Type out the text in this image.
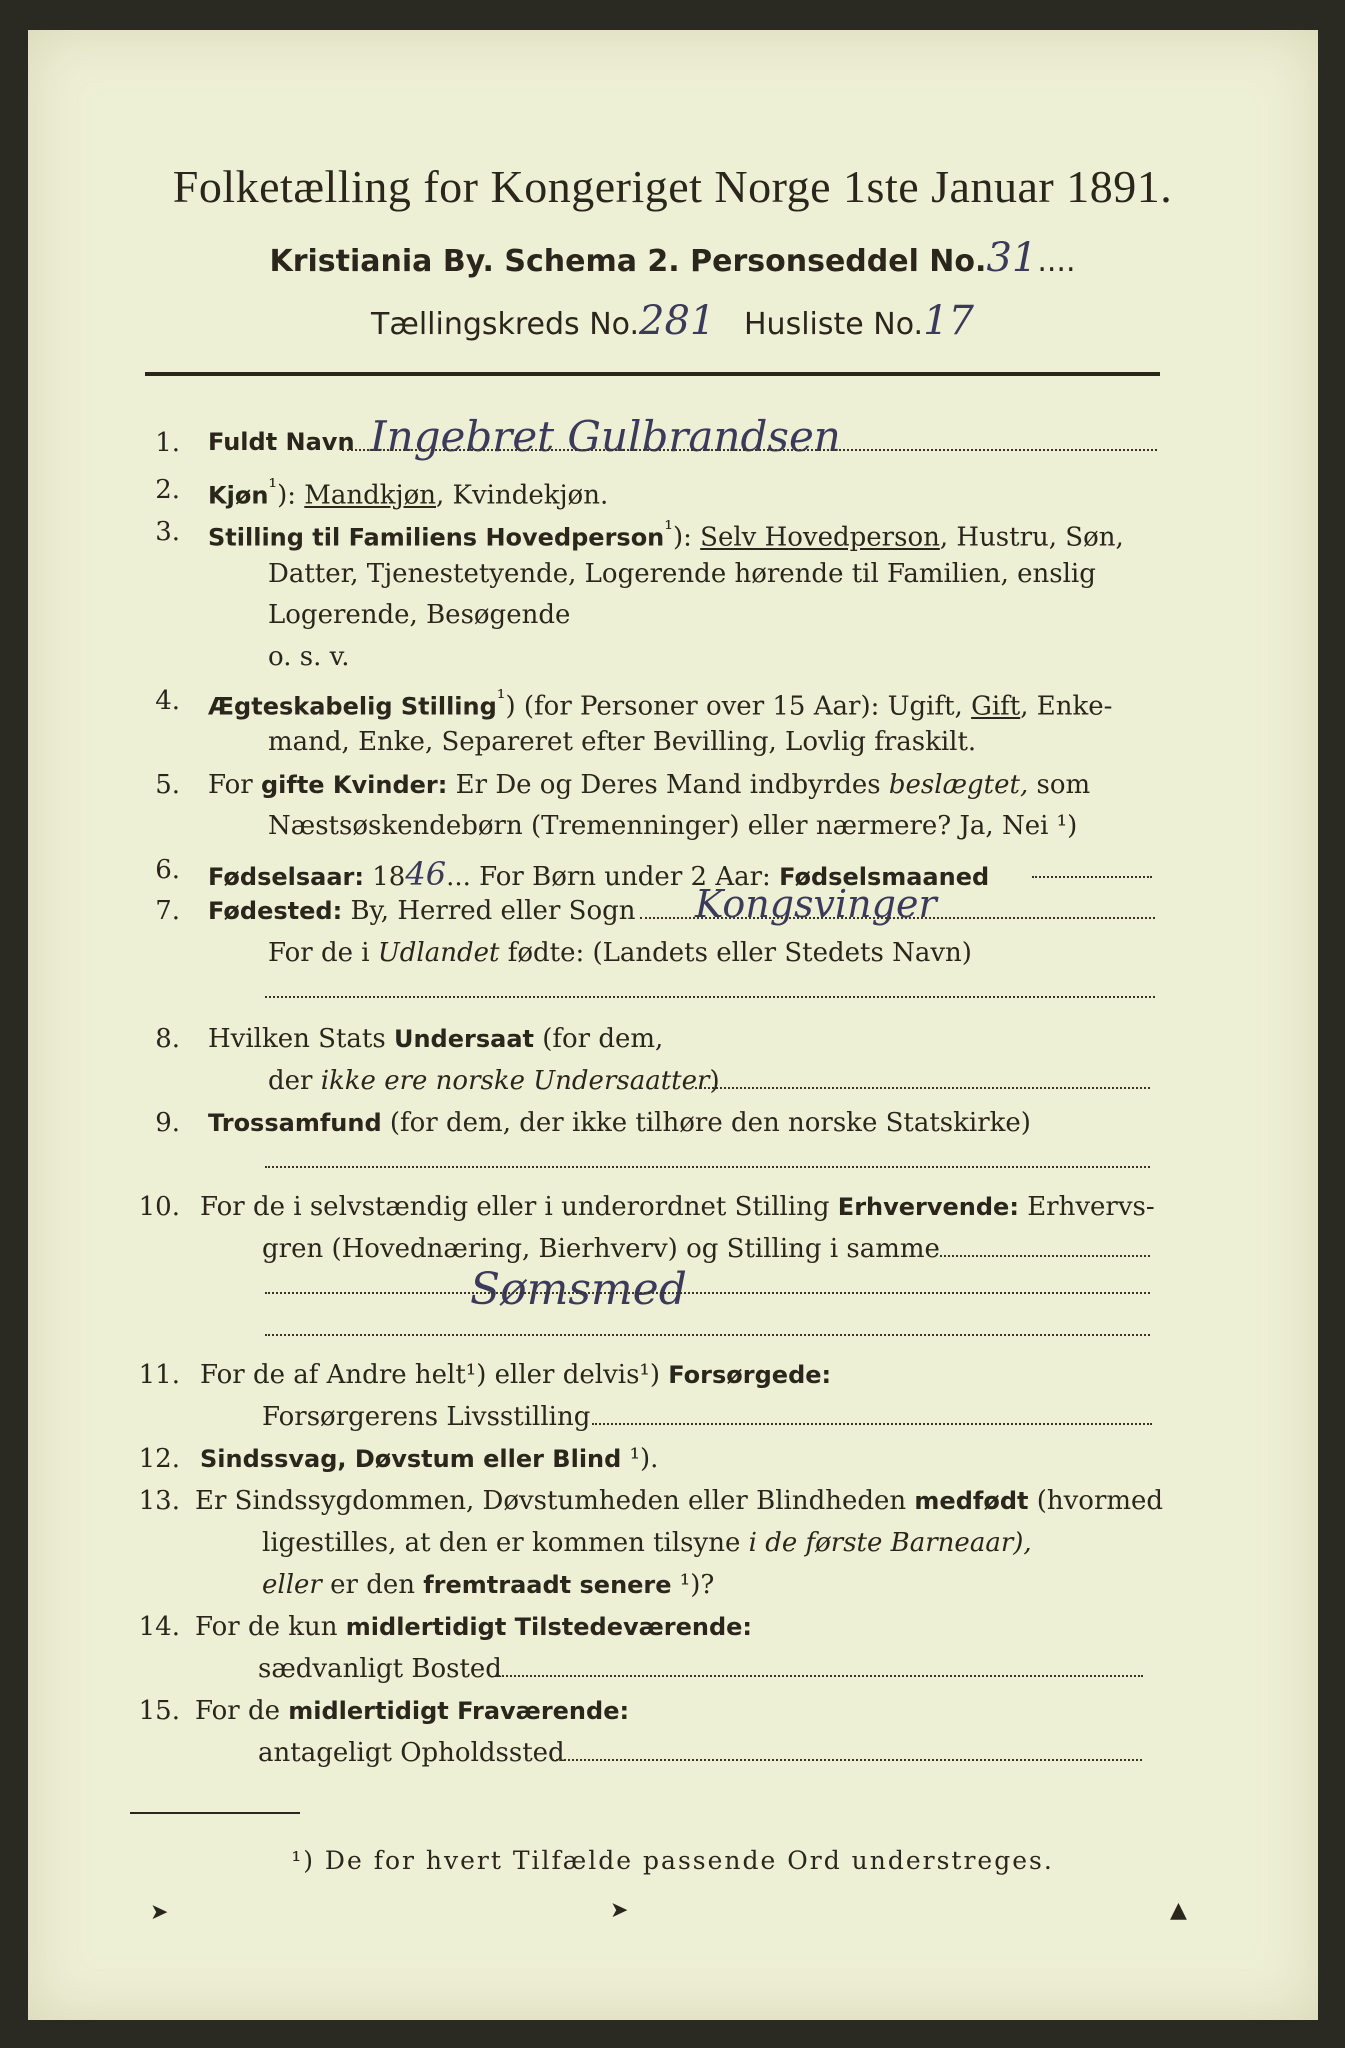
Folketælling for Kongeriget Norge 1ste Januar 1891.
Kristiania By. Schema 2. Personseddel No.31....
Tællingskreds No.281 Husliste No.17
1. Fuldt Navn Ingebret Gulbrandsen
2. Kjøn$^{^1}$): Mandkjøn, Kvindekjøn.
3. Stilling til Familiens Hovedperson$^{^1}$): Selv Hovedperson, Hustru, Søn,
Datter, Tjenestetyende, Logerende hørende til Familien, enslig
Logerende, Besøgende
o. s. v.
4. Ægteskabelig Stilling$^{^1}$) (for Personer over 15 Aar): Ugift, Gift, Enke-
mand, Enke, Separeret efter Bevilling, Lovlig fraskilt.
5. For gifte Kvinder: Er De og Deres Mand indbyrdes beslægtet, som
Næstsøskendebørn (Tremenninger) eller nærmere? Ja, Nei ¹)
6. Fødselsaar: 1846... For Børn under 2 Aar: Fødselsmaaned
7. Fødested: By, Herred eller Sogn Kongsvinger
For de i Udlandet fødte: (Landets eller Stedets Navn)
8. Hvilken Stats Undersaat (for dem,
der ikke ere norske Undersaatter)
9. Trossamfund (for dem, der ikke tilhøre den norske Statskirke)
10. For de i selvstændig eller i underordnet Stilling Erhvervende: Erhvervs-
gren (Hovednæring, Bierhverv) og Stilling i samme
Sømsmed
11. For de af Andre helt¹) eller delvis¹) Forsørgede:
Forsørgerens Livsstilling
12. Sindssvag, Døvstum eller Blind ¹).
13. Er Sindssygdommen, Døvstumheden eller Blindheden medfødt (hvormed
ligestilles, at den er kommen tilsyne i de første Barneaar),
eller er den fremtraadt senere ¹)?
14. For de kun midlertidigt Tilstedeværende:
sædvanligt Bosted
15. For de midlertidigt Fraværende:
antageligt Opholdssted
¹) De for hvert Tilfælde passende Ord understreges.
➤	➤	▲
